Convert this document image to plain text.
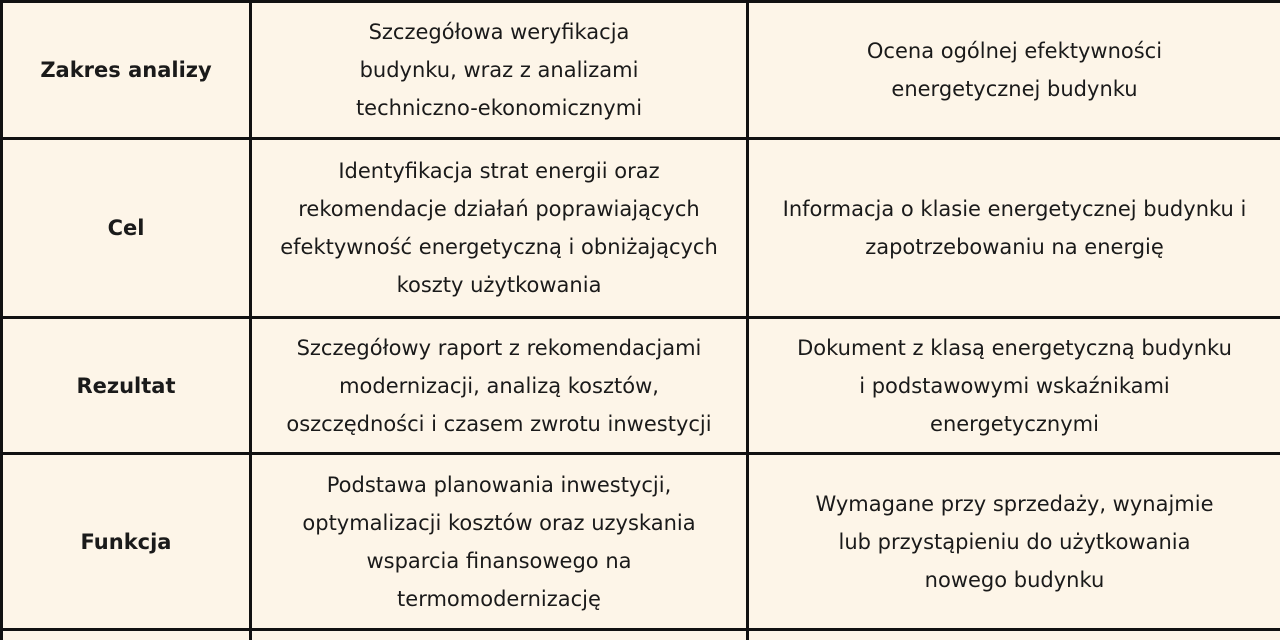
Zakres analizy	Szczegółowa weryfikacja
budynku, wraz z analizami
techniczno-ekonomicznymi	Ocena ogólnej efektywności
energetycznej budynku

Cel	Identyfikacja strat energii oraz
rekomendacje działań poprawiających
efektywność energetyczną i obniżających
koszty użytkowania	Informacja o klasie energetycznej budynku i
zapotrzebowaniu na energię

Rezultat	Szczegółowy raport z rekomendacjami
modernizacji, analizą kosztów,
oszczędności i czasem zwrotu inwestycji	Dokument z klasą energetyczną budynku
i podstawowymi wskaźnikami
energetycznymi

Funkcja	Podstawa planowania inwestycji,
optymalizacji kosztów oraz uzyskania
wsparcia finansowego na
termomodernizację	Wymagane przy sprzedaży, wynajmie
lub przystąpieniu do użytkowania
nowego budynku
